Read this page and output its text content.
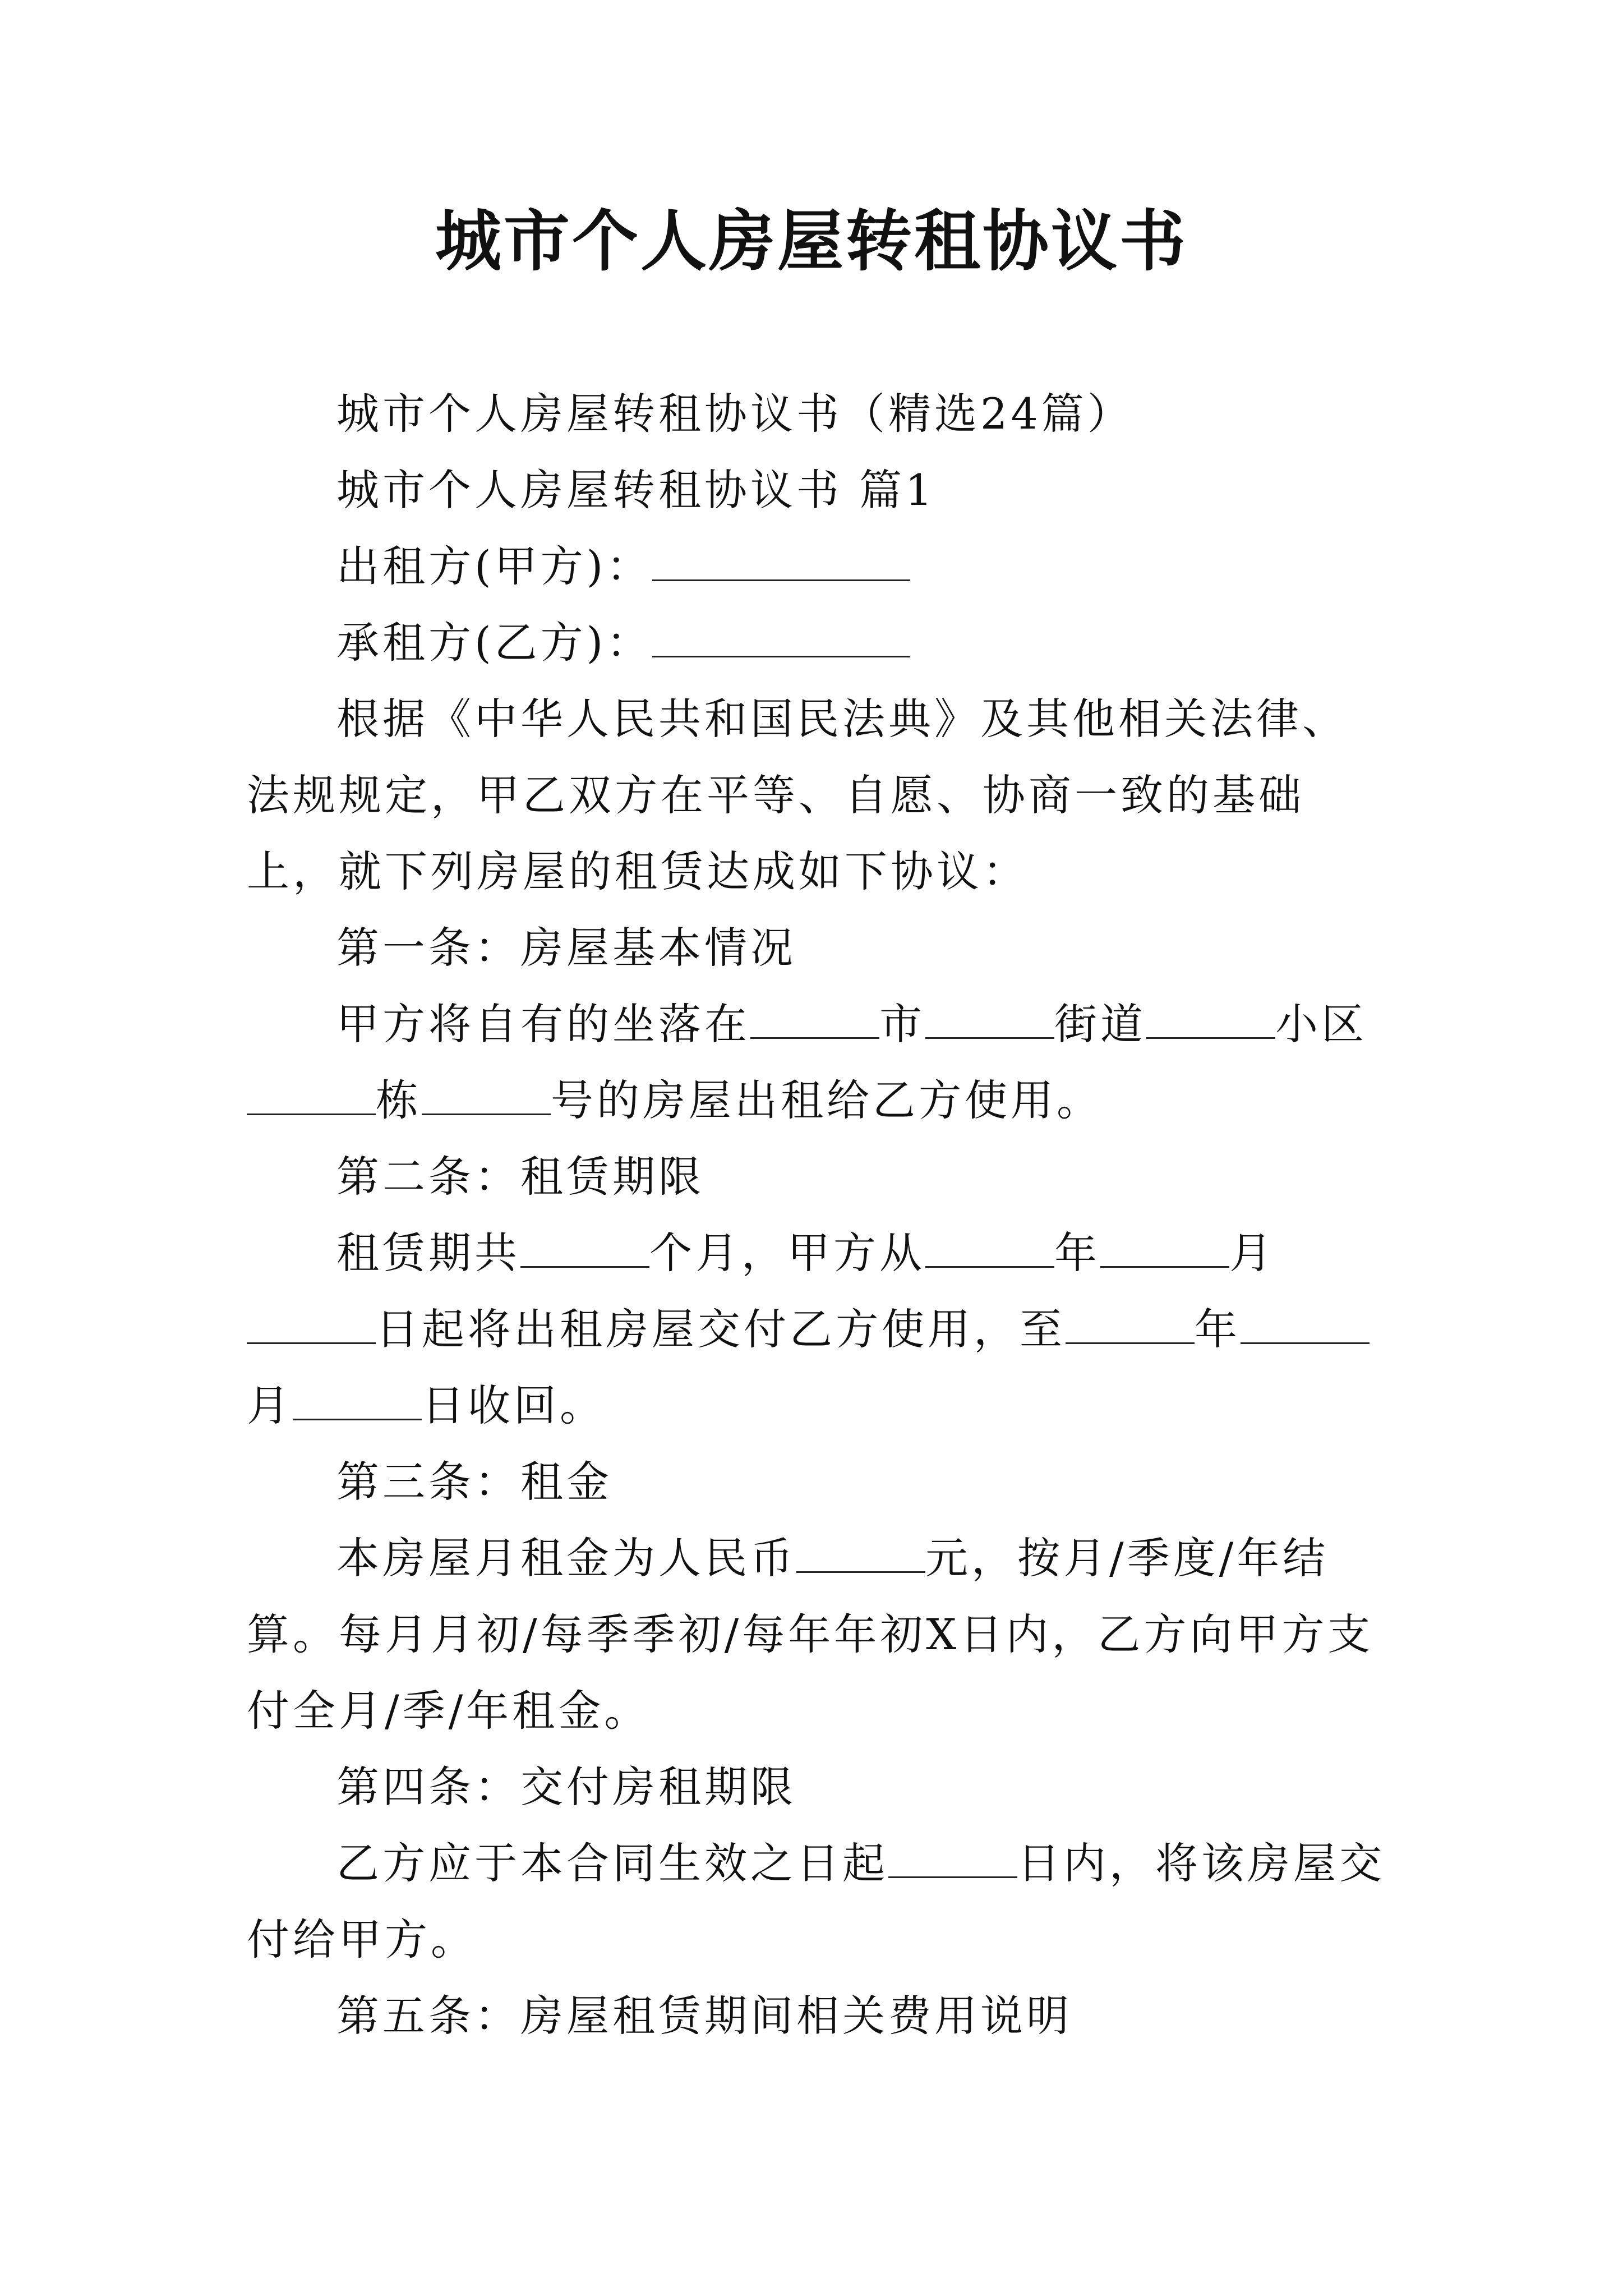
城市个人房屋转租协议书

城市个人房屋转租协议书（精选24篇）

城市个人房屋转租协议书 篇1

出租方(甲方)：

承租方(乙方)：

根据《中华人民共和国民法典》及其他相关法律、法规规定，甲乙双方在平等、自愿、协商一致的基础上，就下列房屋的租赁达成如下协议：

第一条：房屋基本情况

甲方将自有的坐落在	市	街道	小区栋	号的房屋出租给乙方使用。

第二条：租赁期限

租赁期共	个月，甲方从	年	月日起将出租房屋交付乙方使用，至	年月	日收回。

第三条：租金

本房屋月租金为人民币	元，按月/季度/年结算。每月月初/每季季初/每年年初X日内，乙方向甲方支付全月/季/年租金。

第四条：交付房租期限

乙方应于本合同生效之日起	日内，将该房屋交付给甲方。

第五条：房屋租赁期间相关费用说明
